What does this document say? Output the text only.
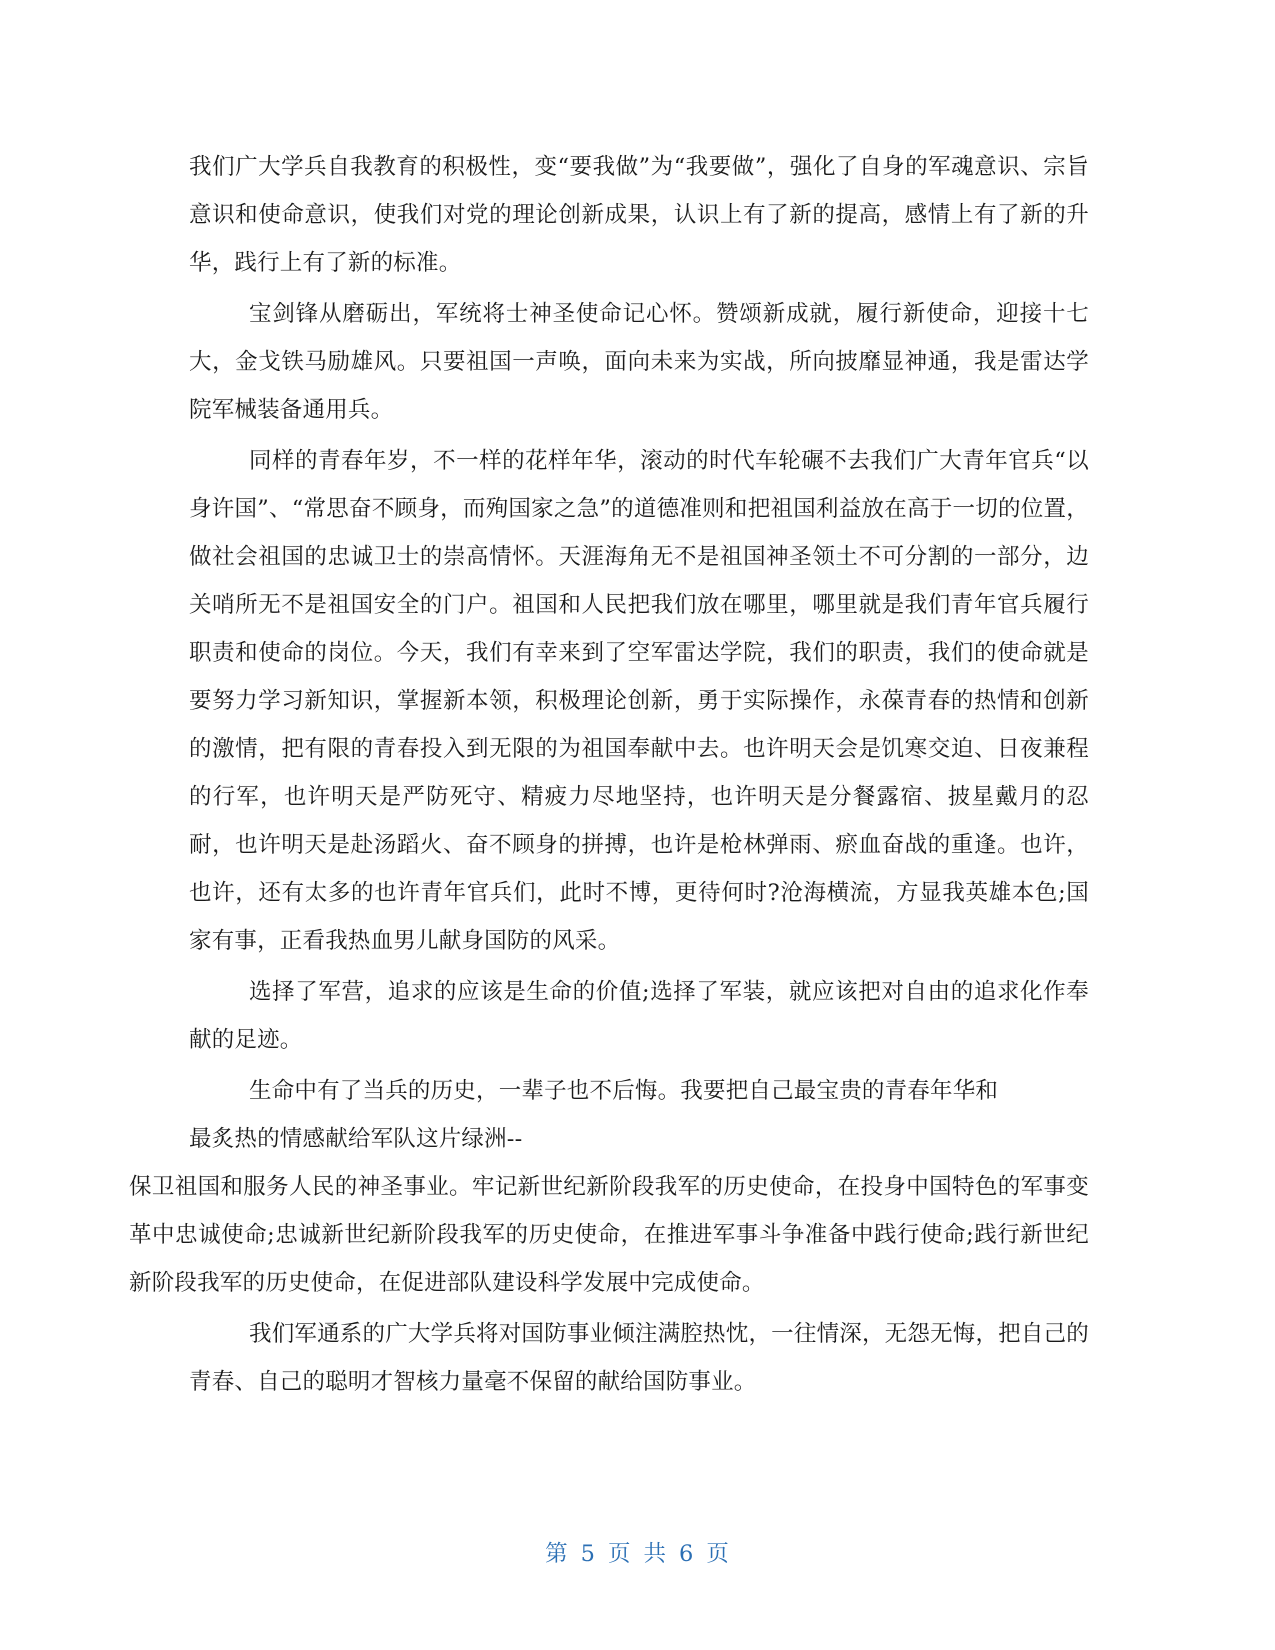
我们广大学兵自我教育的积极性，变“要我做”为“我要做”，强化了自身的军魂意识、宗旨意识和使命意识，使我们对党的理论创新成果，认识上有了新的提高，感情上有了新的升华，践行上有了新的标准。

宝剑锋从磨砺出，军统将士神圣使命记心怀。赞颂新成就，履行新使命，迎接十七大，金戈铁马励雄风。只要祖国一声唤，面向未来为实战，所向披靡显神通，我是雷达学院军械装备通用兵。

同样的青春年岁，不一样的花样年华，滚动的时代车轮碾不去我们广大青年官兵“以身许国”、“常思奋不顾身，而殉国家之急”的道德准则和把祖国利益放在高于一切的位置，做社会祖国的忠诚卫士的崇高情怀。天涯海角无不是祖国神圣领土不可分割的一部分，边关哨所无不是祖国安全的门户。祖国和人民把我们放在哪里，哪里就是我们青年官兵履行职责和使命的岗位。今天，我们有幸来到了空军雷达学院，我们的职责，我们的使命就是要努力学习新知识，掌握新本领，积极理论创新，勇于实际操作，永葆青春的热情和创新的激情，把有限的青春投入到无限的为祖国奉献中去。也许明天会是饥寒交迫、日夜兼程的行军，也许明天是严防死守、精疲力尽地坚持，也许明天是分餐露宿、披星戴月的忍耐，也许明天是赴汤蹈火、奋不顾身的拼搏，也许是枪林弹雨、瘀血奋战的重逢。也许，也许，还有太多的也许青年官兵们，此时不博，更待何时?沧海横流，方显我英雄本色;国家有事，正看我热血男儿献身国防的风采。

选择了军营，追求的应该是生命的价值;选择了军装，就应该把对自由的追求化作奉献的足迹。

生命中有了当兵的历史，一辈子也不后悔。我要把自己最宝贵的青春年华和
最炙热的情感献给军队这片绿洲--
保卫祖国和服务人民的神圣事业。牢记新世纪新阶段我军的历史使命，在投身中国特色的军事变革中忠诚使命;忠诚新世纪新阶段我军的历史使命，在推进军事斗争准备中践行使命;践行新世纪新阶段我军的历史使命，在促进部队建设科学发展中完成使命。

我们军通系的广大学兵将对国防事业倾注满腔热忱，一往情深，无怨无悔，把自己的青春、自己的聪明才智核力量毫不保留的献给国防事业。

第 5 页 共 6 页
